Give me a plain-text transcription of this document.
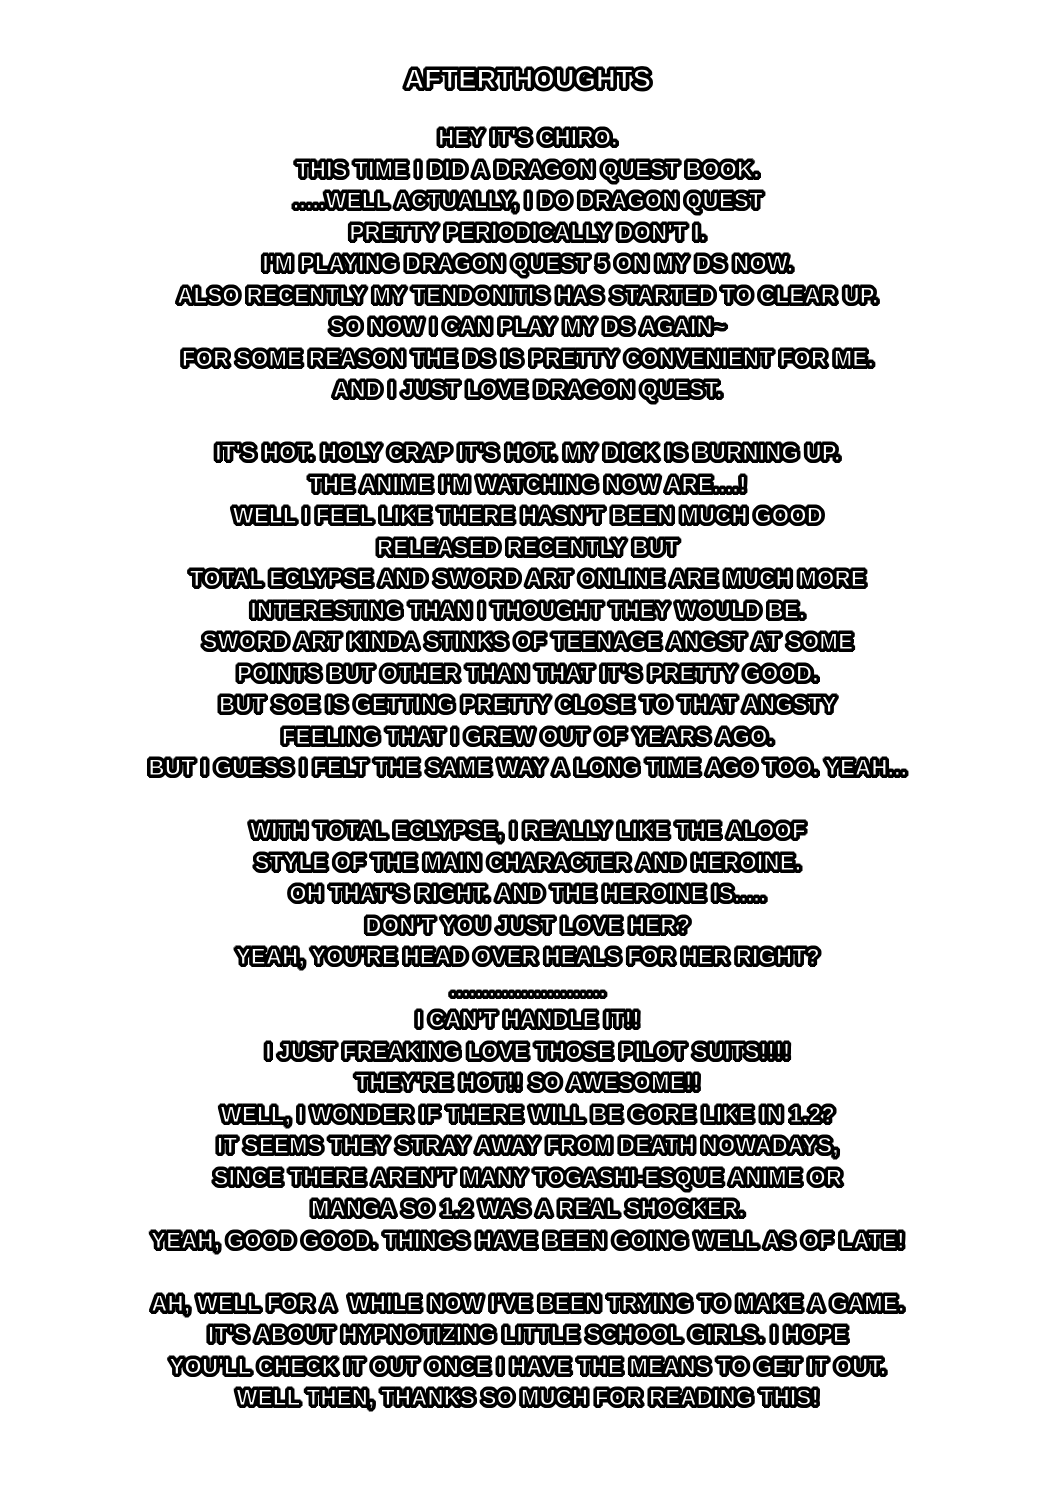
AFTERTHOUGHTS
HEY IT'S CHIRO.
THIS TIME I DID A DRAGON QUEST BOOK.
.....WELL ACTUALLY, I DO DRAGON QUEST
PRETTY PERIODICALLY DON'T I.
I'M PLAYING DRAGON QUEST 5 ON MY DS NOW.
ALSO RECENTLY MY TENDONITIS HAS STARTED TO CLEAR UP.
SO NOW I CAN PLAY MY DS AGAIN~
FOR SOME REASON THE DS IS PRETTY CONVENIENT FOR ME.
AND I JUST LOVE DRAGON QUEST.
IT'S HOT. HOLY CRAP IT'S HOT. MY DICK IS BURNING UP.
THE ANIME I'M WATCHING NOW ARE....!
WELL I FEEL LIKE THERE HASN'T BEEN MUCH GOOD
RELEASED RECENTLY BUT
TOTAL ECLYPSE AND SWORD ART ONLINE ARE MUCH MORE
INTERESTING THAN I THOUGHT THEY WOULD BE.
SWORD ART KINDA STINKS OF TEENAGE ANGST AT SOME
POINTS BUT OTHER THAN THAT IT'S PRETTY GOOD.
BUT SOE IS GETTING PRETTY CLOSE TO THAT ANGSTY
FEELING THAT I GREW OUT OF YEARS AGO.
BUT I GUESS I FELT THE SAME WAY A LONG TIME AGO TOO. YEAH...
WITH TOTAL ECLYPSE, I REALLY LIKE THE ALOOF
STYLE OF THE MAIN CHARACTER AND HEROINE.
OH THAT'S RIGHT. AND THE HEROINE IS.....
DON'T YOU JUST LOVE HER?
YEAH, YOU'RE HEAD OVER HEALS FOR HER RIGHT?
........................
I CAN'T HANDLE IT!!
I JUST FREAKING LOVE THOSE PILOT SUITS!!!!
THEY'RE HOT!! SO AWESOME!!
WELL, I WONDER IF THERE WILL BE GORE LIKE IN 1.2?
IT SEEMS THEY STRAY AWAY FROM DEATH NOWADAYS,
SINCE THERE AREN'T MANY TOGASHI-ESQUE ANIME OR
MANGA SO 1.2 WAS A REAL SHOCKER.
YEAH, GOOD GOOD. THINGS HAVE BEEN GOING WELL AS OF LATE!
AH, WELL FOR A  WHILE NOW I'VE BEEN TRYING TO MAKE A GAME.
IT'S ABOUT HYPNOTIZING LITTLE SCHOOL GIRLS. I HOPE
YOU'LL CHECK IT OUT ONCE I HAVE THE MEANS TO GET IT OUT.
WELL THEN, THANKS SO MUCH FOR READING THIS!
